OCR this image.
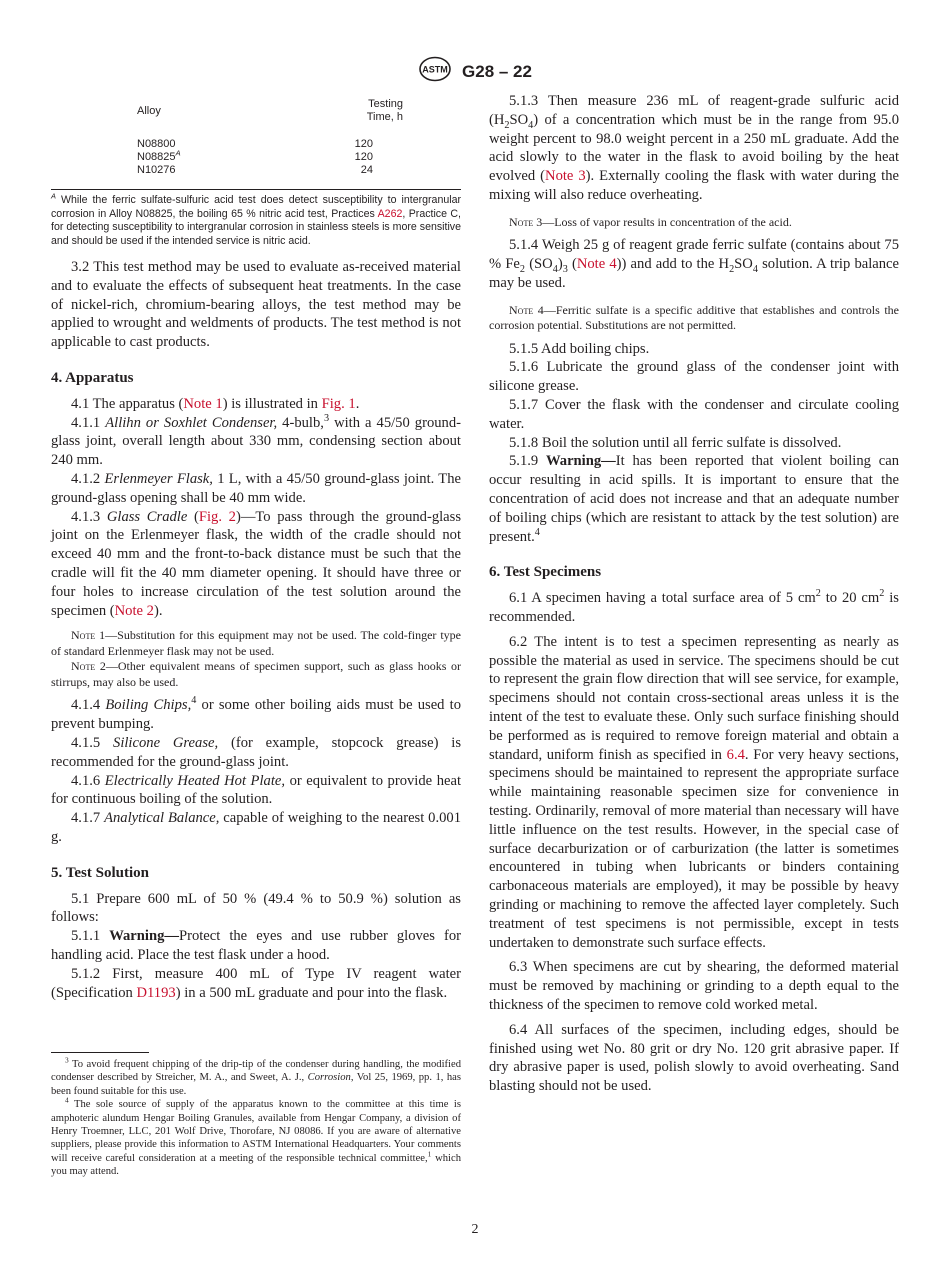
ASTM G28 – 22
Alloy	Testing Time, h

N08800	120
$N08825^A$	120
N10276	24
$^A$ While the ferric sulfate-sulfuric acid test does detect susceptibility to intergranular corrosion in Alloy N08825, the boiling 65 % nitric acid test, Practices A262, Practice C, for detecting susceptibility to intergranular corrosion in stainless steels is more sensitive and should be used if the intended service is nitric acid.

3.2 This test method may be used to evaluate as-received material and to evaluate the effects of subsequent heat treatments. In the case of nickel-rich, chromium-bearing alloys, the test method may be applied to wrought and weldments of products. The test method is not applicable to cast products.

4. Apparatus

4.1 The apparatus (Note 1) is illustrated in Fig. 1.

4.1.1 Allihn or Soxhlet Condenser, 4-bulb,$^3$ with a 45/50 ground-glass joint, overall length about 330 mm, condensing section about 240 mm.

4.1.2 Erlenmeyer Flask, 1 L, with a 45/50 ground-glass joint. The ground-glass opening shall be 40 mm wide.

4.1.3 Glass Cradle (Fig. 2)—To pass through the ground-glass joint on the Erlenmeyer flask, the width of the cradle should not exceed 40 mm and the front-to-back distance must be such that the cradle will fit the 40 mm diameter opening. It should have three or four holes to increase circulation of the test solution around the specimen (Note 2).

Note 1—Substitution for this equipment may not be used. The cold-finger type of standard Erlenmeyer flask may not be used.

Note 2—Other equivalent means of specimen support, such as glass hooks or stirrups, may also be used.

4.1.4 Boiling Chips,$^4$ or some other boiling aids must be used to prevent bumping.

4.1.5 Silicone Grease, (for example, stopcock grease) is recommended for the ground-glass joint.

4.1.6 Electrically Heated Hot Plate, or equivalent to provide heat for continuous boiling of the solution.

4.1.7 Analytical Balance, capable of weighing to the nearest 0.001 g.

5. Test Solution

5.1 Prepare 600 mL of 50 % (49.4 % to 50.9 %) solution as follows:

5.1.1 Warning—Protect the eyes and use rubber gloves for handling acid. Place the test flask under a hood.

5.1.2 First, measure 400 mL of Type IV reagent water (Specification D1193) in a 500 mL graduate and pour into the flask.

$^3$ To avoid frequent chipping of the drip-tip of the condenser during handling, the modified condenser described by Streicher, M. A., and Sweet, A. J., Corrosion, Vol 25, 1969, pp. 1, has been found suitable for this use.

$^4$ The sole source of supply of the apparatus known to the committee at this time is amphoteric alundum Hengar Boiling Granules, available from Hengar Company, a division of Henry Troemner, LLC, 201 Wolf Drive, Thorofare, NJ 08086. If you are aware of alternative suppliers, please provide this information to ASTM International Headquarters. Your comments will receive careful consideration at a meeting of the responsible technical committee,$^1$ which you may attend.

5.1.3 Then measure 236 mL of reagent-grade sulfuric acid $(H_2SO_4)$ of a concentration which must be in the range from 95.0 weight percent to 98.0 weight percent in a 250 mL graduate. Add the acid slowly to the water in the flask to avoid boiling by the heat evolved (Note 3). Externally cooling the flask with water during the mixing will also reduce overheating.

Note 3—Loss of vapor results in concentration of the acid.

5.1.4 Weigh 25 g of reagent grade ferric sulfate (contains about 75 % $Fe_2$ $(SO_4)_3$ (Note 4)) and add to the $H_2SO_4$ solution. A trip balance may be used.

Note 4—Ferritic sulfate is a specific additive that establishes and controls the corrosion potential. Substitutions are not permitted.

5.1.5 Add boiling chips.

5.1.6 Lubricate the ground glass of the condenser joint with silicone grease.

5.1.7 Cover the flask with the condenser and circulate cooling water.

5.1.8 Boil the solution until all ferric sulfate is dissolved.

5.1.9 Warning—It has been reported that violent boiling can occur resulting in acid spills. It is important to ensure that the concentration of acid does not increase and that an adequate number of boiling chips (which are resistant to attack by the test solution) are present.$^4$

6. Test Specimens

6.1 A specimen having a total surface area of 5 $cm^2$ to 20 $cm^2$ is recommended.

6.2 The intent is to test a specimen representing as nearly as possible the material as used in service. The specimens should be cut to represent the grain flow direction that will see service, for example, specimens should not contain cross-sectional areas unless it is the intent of the test to evaluate these. Only such surface finishing should be performed as is required to remove foreign material and obtain a standard, uniform finish as specified in 6.4. For very heavy sections, specimens should be maintained to represent the appropriate surface while maintaining reasonable specimen size for convenience in testing. Ordinarily, removal of more material than necessary will have little influence on the test results. However, in the special case of surface decarburization or of carburization (the latter is sometimes encountered in tubing when lubricants or binders containing carbonaceous materials are employed), it may be possible by heavy grinding or machining to remove the affected layer completely. Such treatment of test specimens is not permissible, except in tests undertaken to demonstrate such surface effects.

6.3 When specimens are cut by shearing, the deformed material must be removed by machining or grinding to a depth equal to the thickness of the specimen to remove cold worked metal.

6.4 All surfaces of the specimen, including edges, should be finished using wet No. 80 grit or dry No. 120 grit abrasive paper. If dry abrasive paper is used, polish slowly to avoid overheating. Sand blasting should not be used.

2
